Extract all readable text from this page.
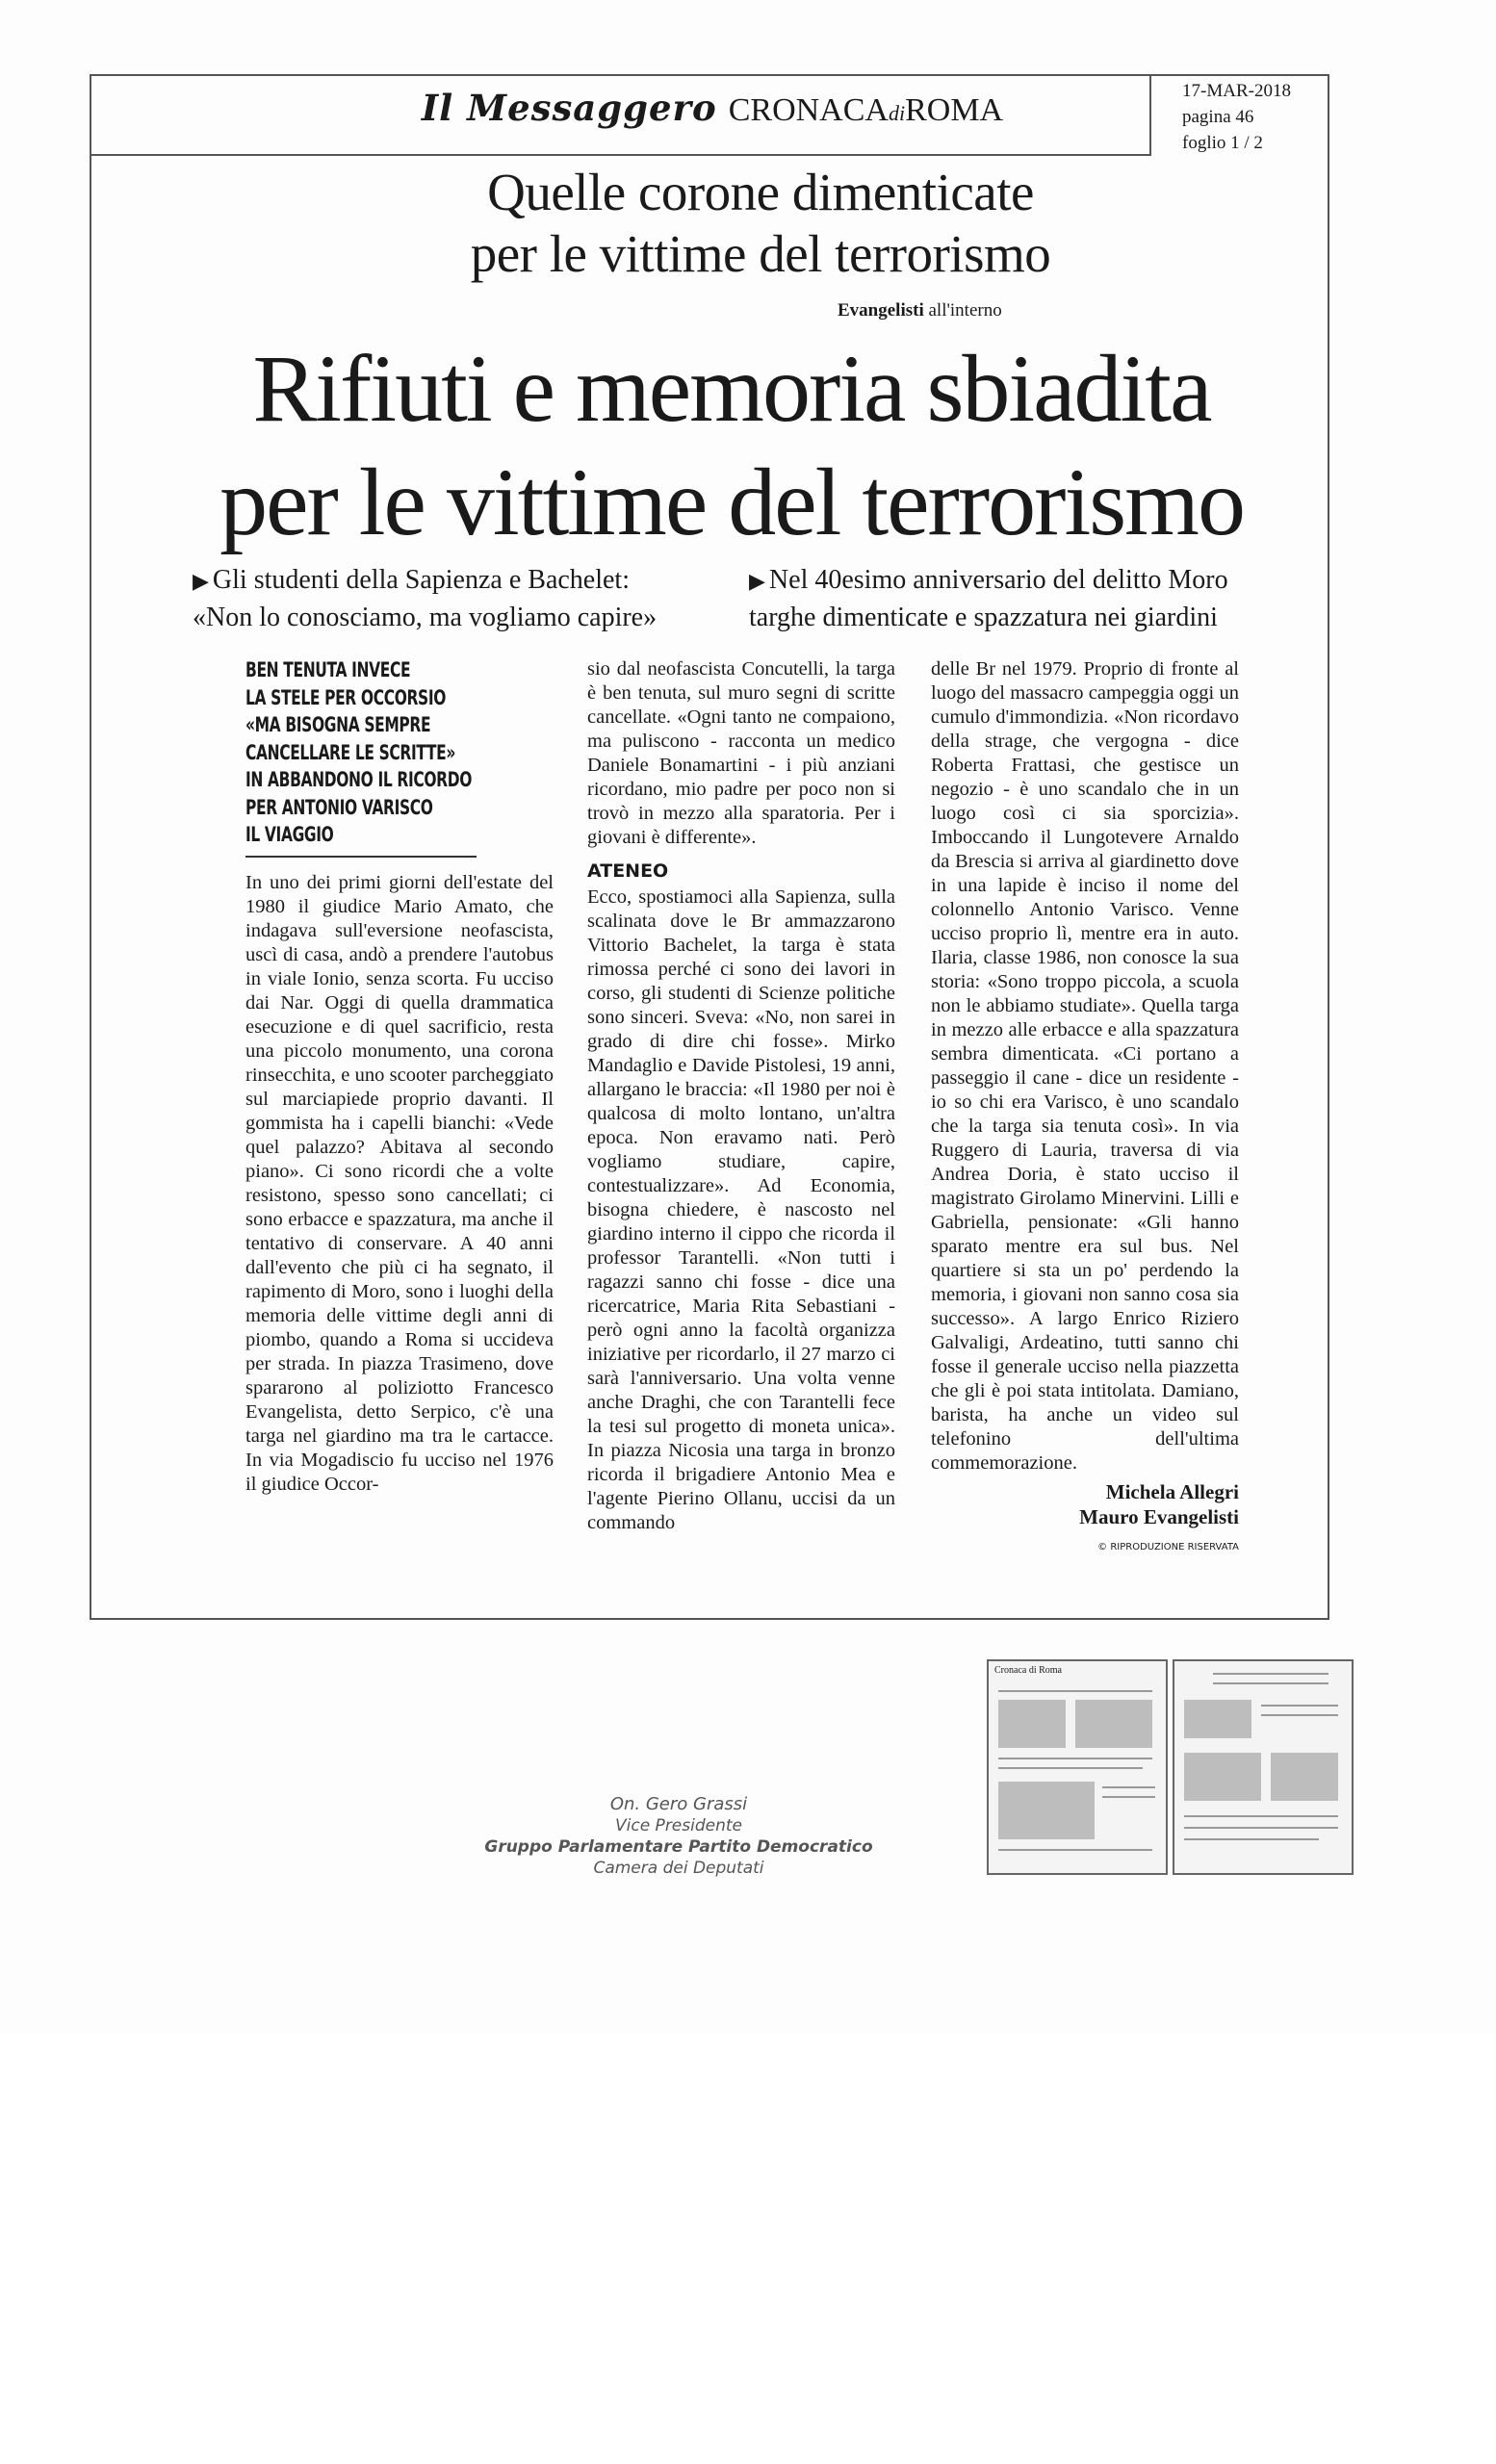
Il Messaggero CRONACAdiROMA
17-MAR-2018
pagina 46
foglio 1 / 2
Quelle corone dimenticate
per le vittime del terrorismo
Evangelisti all'interno
Rifiuti e memoria sbiadita
per le vittime del terrorismo
▶ Gli studenti della Sapienza e Bachelet:
«Non lo conosciamo, ma vogliamo capire»
▶ Nel 40esimo anniversario del delitto Moro
targhe dimenticate e spazzatura nei giardini
BEN TENUTA INVECE
LA STELE PER OCCORSIO
«MA BISOGNA SEMPRE
CANCELLARE LE SCRITTE»
IN ABBANDONO IL RICORDO
PER ANTONIO VARISCO
IL VIAGGIO

In uno dei primi giorni dell'estate del 1980 il giudice Mario Amato, che indagava sull'eversione neofascista, uscì di casa, andò a prendere l'autobus in viale Ionio, senza scorta. Fu ucciso dai Nar. Oggi di quella drammatica esecuzione e di quel sacrificio, resta una piccolo monumento, una corona rinsecchita, e uno scooter parcheggiato sul marciapiede proprio davanti. Il gommista ha i capelli bianchi: «Vede quel palazzo? Abitava al secondo piano». Ci sono ricordi che a volte resistono, spesso sono cancellati; ci sono erbacce e spazzatura, ma anche il tentativo di conservare. A 40 anni dall'evento che più ci ha segnato, il rapimento di Moro, sono i luoghi della memoria delle vittime degli anni di piombo, quando a Roma si uccideva per strada. In piazza Trasimeno, dove spararono al poliziotto Francesco Evangelista, detto Serpico, c'è una targa nel giardino ma tra le cartacce. In via Mogadiscio fu ucciso nel 1976 il giudice Occor-

sio dal neofascista Concutelli, la targa è ben tenuta, sul muro segni di scritte cancellate. «Ogni tanto ne compaiono, ma puliscono - racconta un medico Daniele Bonamartini - i più anziani ricordano, mio padre per poco non si trovò in mezzo alla sparatoria. Per i giovani è differente».

ATENEO

Ecco, spostiamoci alla Sapienza, sulla scalinata dove le Br ammazzarono Vittorio Bachelet, la targa è stata rimossa perché ci sono dei lavori in corso, gli studenti di Scienze politiche sono sinceri. Sveva: «No, non sarei in grado di dire chi fosse». Mirko Mandaglio e Davide Pistolesi, 19 anni, allargano le braccia: «Il 1980 per noi è qualcosa di molto lontano, un'altra epoca. Non eravamo nati. Però vogliamo studiare, capire, contestualizzare». Ad Economia, bisogna chiedere, è nascosto nel giardino interno il cippo che ricorda il professor Tarantelli. «Non tutti i ragazzi sanno chi fosse - dice una ricercatrice, Maria Rita Sebastiani - però ogni anno la facoltà organizza iniziative per ricordarlo, il 27 marzo ci sarà l'anniversario. Una volta venne anche Draghi, che con Tarantelli fece la tesi sul progetto di moneta unica». In piazza Nicosia una targa in bronzo ricorda il brigadiere Antonio Mea e l'agente Pierino Ollanu, uccisi da un commando

delle Br nel 1979. Proprio di fronte al luogo del massacro campeggia oggi un cumulo d'immondizia. «Non ricordavo della strage, che vergogna - dice Roberta Frattasi, che gestisce un negozio - è uno scandalo che in un luogo così ci sia sporcizia». Imboccando il Lungotevere Arnaldo da Brescia si arriva al giardinetto dove in una lapide è inciso il nome del colonnello Antonio Varisco. Venne ucciso proprio lì, mentre era in auto. Ilaria, classe 1986, non conosce la sua storia: «Sono troppo piccola, a scuola non le abbiamo studiate». Quella targa in mezzo alle erbacce e alla spazzatura sembra dimenticata. «Ci portano a passeggio il cane - dice un residente - io so chi era Varisco, è uno scandalo che la targa sia tenuta così». In via Ruggero di Lauria, traversa di via Andrea Doria, è stato ucciso il magistrato Girolamo Minervini. Lilli e Gabriella, pensionate: «Gli hanno sparato mentre era sul bus. Nel quartiere si sta un po' perdendo la memoria, i giovani non sanno cosa sia successo». A largo Enrico Riziero Galvaligi, Ardeatino, tutti sanno chi fosse il generale ucciso nella piazzetta che gli è poi stata intitolata. Damiano, barista, ha anche un video sul telefonino dell'ultima commemorazione.

Michela Allegri
Mauro Evangelisti
© RIPRODUZIONE RISERVATA
Cronaca di Roma
On. Gero Grassi
Vice Presidente
Gruppo Parlamentare Partito Democratico
Camera dei Deputati
